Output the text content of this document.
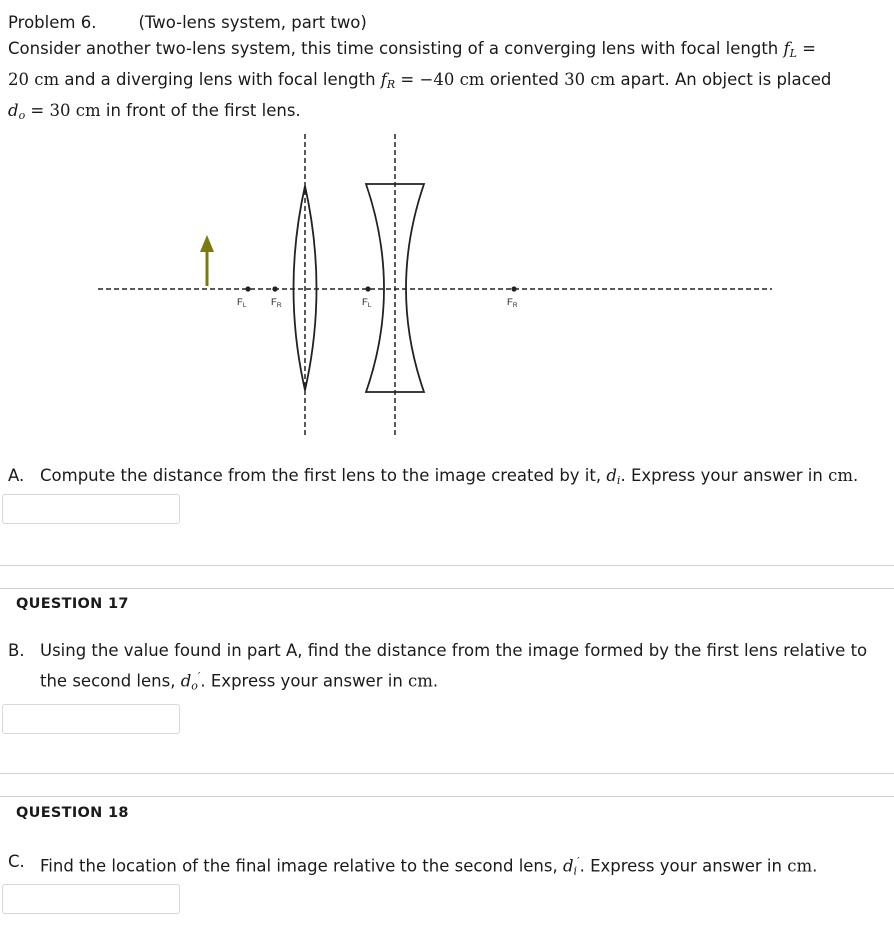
Problem 6.	(Two-lens system, part two)

Consider another two-lens system, this time consisting of a converging lens with focal length $f_L$ =
20 cm and a diverging lens with focal length $f_R = -40$ cm oriented 30 cm apart. An object is placed
$d_o = 30$ cm in front of the first lens.

$F_L$	$F_R$	$F_L$	$F_R$
A. Compute the distance from the first lens to the image created by it, $d_i$. Express your answer in cm.
QUESTION 17
B. Using the value found in part A, find the distance from the image formed by the first lens relative to
the second lens, $d_o'$. Express your answer in cm.
QUESTION 18
C. Find the location of the final image relative to the second lens, $d_i'$. Express your answer in cm.
